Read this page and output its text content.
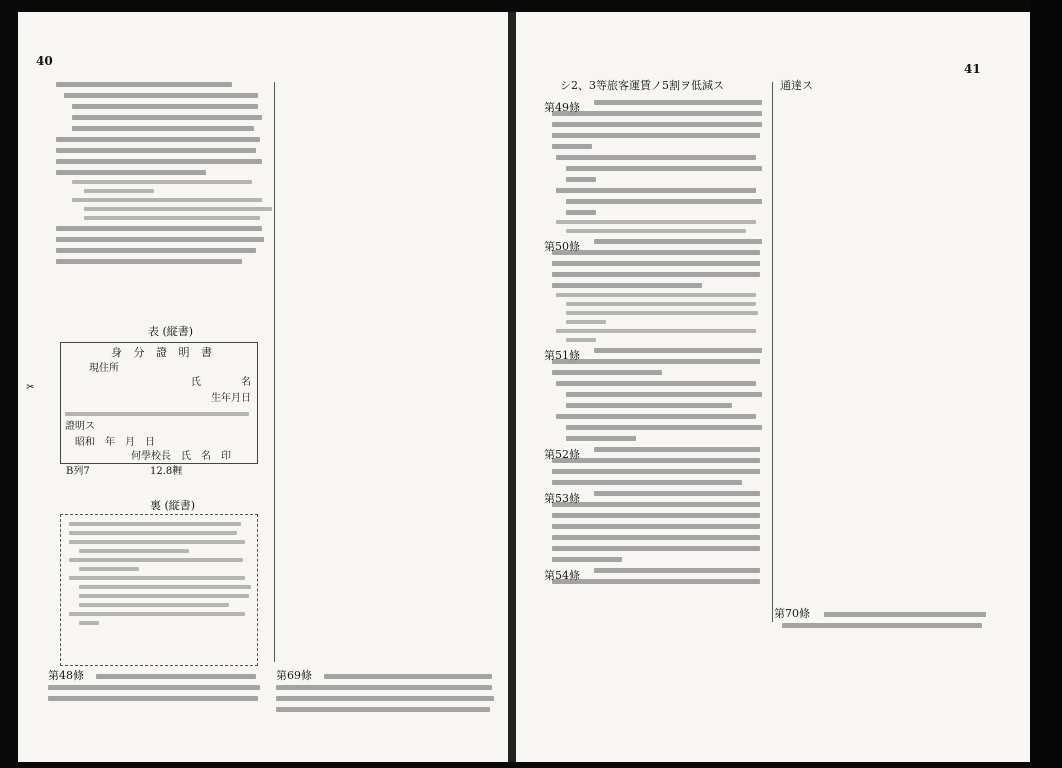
40
表 (縦書)
身 分 證 明 書
現住所
氏	名
生年月日
證明ス
昭和　年　月　日
何學校長　氏　名　印
✂
B列7	12.8糎
裏 (縦書)
第48條	第69條
41
シ2、3等旅客運賃ノ5割ヲ低減ス	通達ス
第49條
第50條
第51條
第52條
第53條
第54條
第70條
